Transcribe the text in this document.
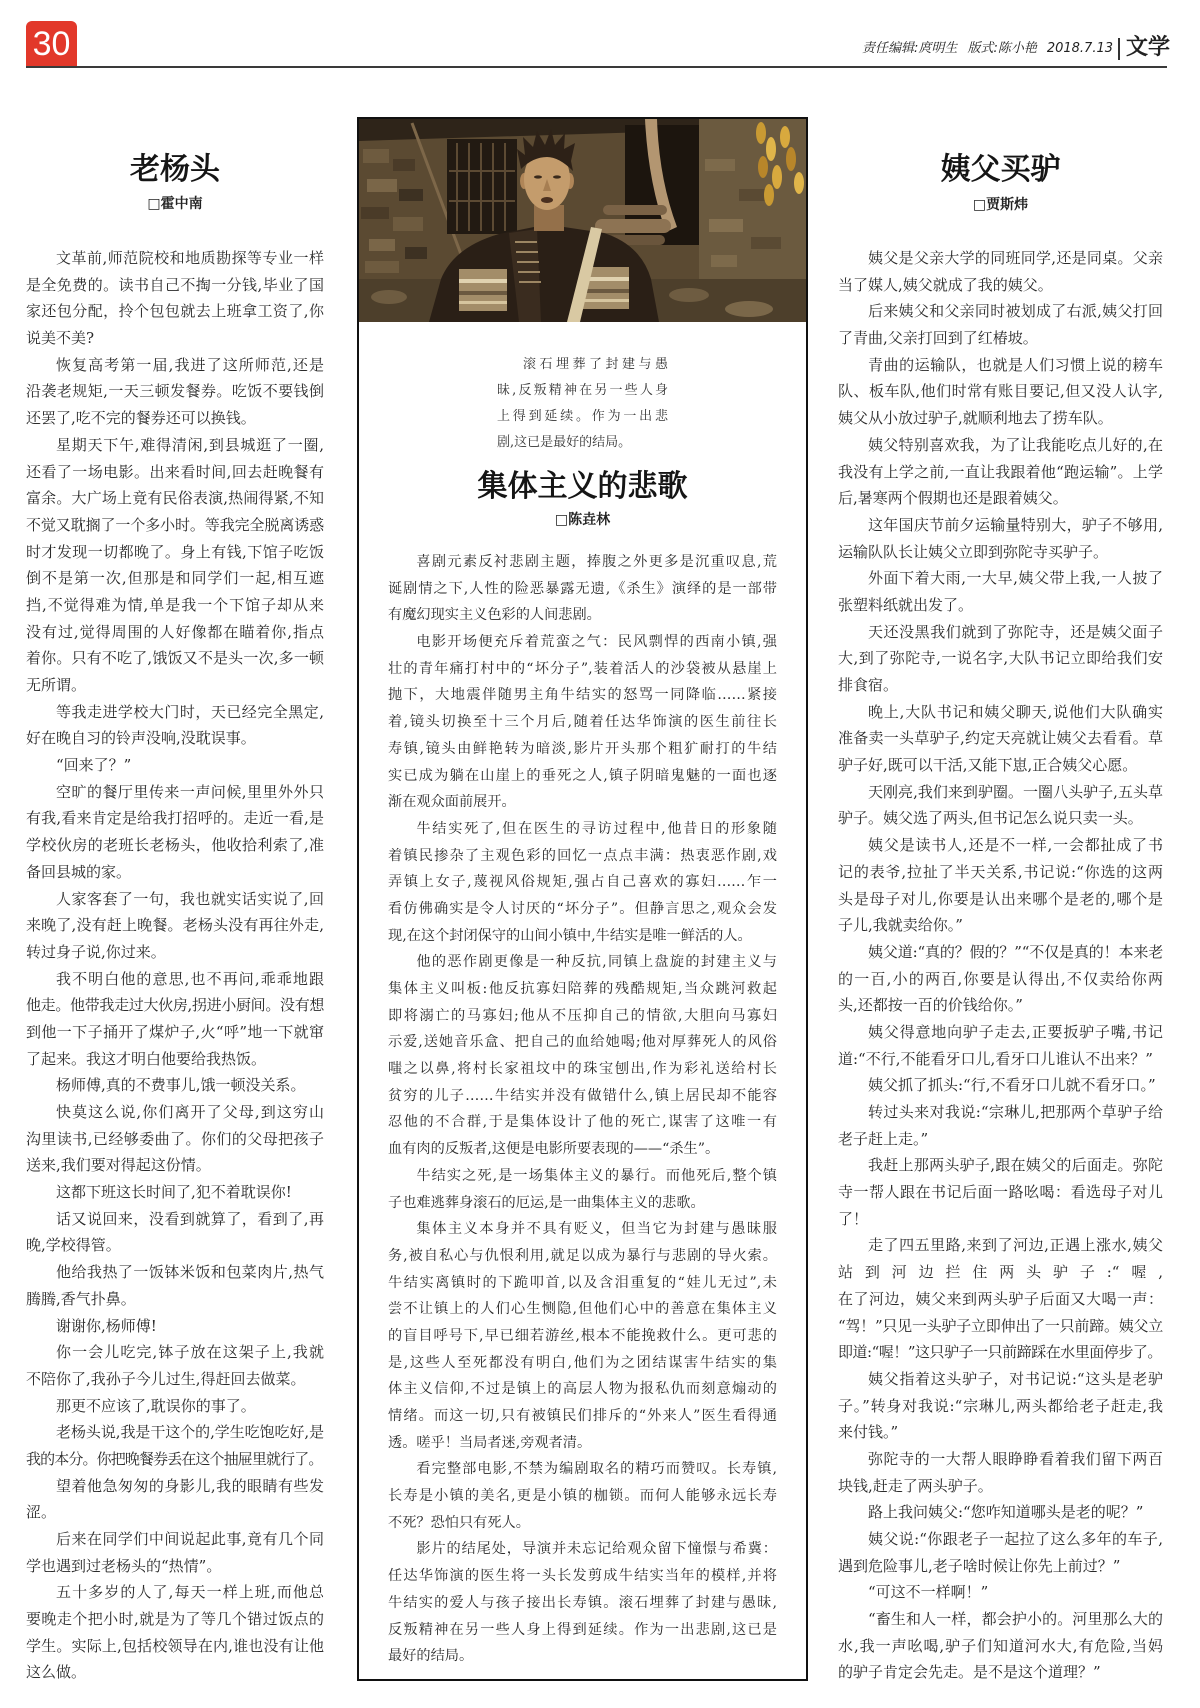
30	责任编辑:庹明生 版式:陈小艳 2018.7.13 文学
老杨头
□霍中南
文革前,师范院校和地质勘探等专业一样
是全免费的。读书自己不掏一分钱,毕业了国
家还包分配，拎个包包就去上班拿工资了,你
说美不美?
恢复高考第一届,我进了这所师范,还是
沿袭老规矩,一天三顿发餐券。吃饭不要钱倒
还罢了,吃不完的餐券还可以换钱。
星期天下午,难得清闲,到县城逛了一圈,
还看了一场电影。出来看时间,回去赶晚餐有
富余。大广场上竟有民俗表演,热闹得紧,不知
不觉又耽搁了一个多小时。等我完全脱离诱惑
时才发现一切都晚了。身上有钱,下馆子吃饭
倒不是第一次,但那是和同学们一起,相互遮
挡,不觉得难为情,单是我一个下馆子却从来
没有过,觉得周围的人好像都在瞄着你,指点
着你。只有不吃了,饿饭又不是头一次,多一顿
无所谓。
等我走进学校大门时，天已经完全黑定,
好在晚自习的铃声没响,没耽误事。
“回来了？”
空旷的餐厅里传来一声问候,里里外外只
有我,看来肯定是给我打招呼的。走近一看,是
学校伙房的老班长老杨头，他收拾利索了,准
备回县城的家。
人家客套了一句，我也就实话实说了,回
来晚了,没有赶上晚餐。老杨头没有再往外走,
转过身子说,你过来。
我不明白他的意思,也不再问,乖乖地跟
他走。他带我走过大伙房,拐进小厨间。没有想
到他一下子捅开了煤炉子,火“呼”地一下就窜
了起来。我这才明白他要给我热饭。
杨师傅,真的不费事儿,饿一顿没关系。
快莫这么说,你们离开了父母,到这穷山
沟里读书,已经够委曲了。你们的父母把孩子
送来,我们要对得起这份情。
这都下班这长时间了,犯不着耽误你!
话又说回来，没看到就算了，看到了,再
晚,学校得管。
他给我热了一饭钵米饭和包菜肉片,热气
腾腾,香气扑鼻。
谢谢你,杨师傅!
你一会儿吃完,钵子放在这架子上,我就
不陪你了,我孙子今儿过生,得赶回去做菜。
那更不应该了,耽误你的事了。
老杨头说,我是干这个的,学生吃饱吃好,是
我的本分。你把晚餐券丢在这个抽屉里就行了。
望着他急匆匆的身影儿,我的眼睛有些发
涩。
后来在同学们中间说起此事,竟有几个同
学也遇到过老杨头的“热情”。
五十多岁的人了,每天一样上班,而他总
要晚走个把小时,就是为了等几个错过饭点的
学生。实际上,包括校领导在内,谁也没有让他
这么做。
滚石埋葬了封建与愚
昧,反叛精神在另一些人身
上得到延续。作为一出悲
剧,这已是最好的结局。
集体主义的悲歌
□陈垚林
喜剧元素反衬悲剧主题，捧腹之外更多是沉重叹息,荒
诞剧情之下,人性的险恶暴露无遗,《杀生》演绎的是一部带
有魔幻现实主义色彩的人间悲剧。
电影开场便充斥着荒蛮之气：民风剽悍的西南小镇,强
壮的青年痛打村中的“坏分子”,装着活人的沙袋被从悬崖上
抛下，大地震伴随男主角牛结实的怒骂一同降临……紧接
着,镜头切换至十三个月后,随着任达华饰演的医生前往长
寿镇,镜头由鲜艳转为暗淡,影片开头那个粗犷耐打的牛结
实已成为躺在山崖上的垂死之人,镇子阴暗鬼魅的一面也逐
渐在观众面前展开。
牛结实死了,但在医生的寻访过程中,他昔日的形象随
着镇民掺杂了主观色彩的回忆一点点丰满：热衷恶作剧,戏
弄镇上女子,蔑视风俗规矩,强占自己喜欢的寡妇……乍一
看仿佛确实是令人讨厌的“坏分子”。但静言思之,观众会发
现,在这个封闭保守的山间小镇中,牛结实是唯一鲜活的人。
他的恶作剧更像是一种反抗,同镇上盘旋的封建主义与
集体主义叫板:他反抗寡妇陪葬的残酷规矩,当众跳河救起
即将溺亡的马寡妇;他从不压抑自己的情欲,大胆向马寡妇
示爱,送她音乐盒、把自己的血给她喝;他对厚葬死人的风俗
嗤之以鼻,将村长家祖坟中的珠宝刨出,作为彩礼送给村长
贫穷的儿子……牛结实并没有做错什么,镇上居民却不能容
忍他的不合群,于是集体设计了他的死亡,谋害了这唯一有
血有肉的反叛者,这便是电影所要表现的——“杀生”。
牛结实之死,是一场集体主义的暴行。而他死后,整个镇
子也难逃葬身滚石的厄运,是一曲集体主义的悲歌。
集体主义本身并不具有贬义，但当它为封建与愚昧服
务,被自私心与仇恨利用,就足以成为暴行与悲剧的导火索。
牛结实离镇时的下跪叩首,以及含泪重复的“娃儿无过”,未
尝不让镇上的人们心生恻隐,但他们心中的善意在集体主义
的盲目呼号下,早已细若游丝,根本不能挽救什么。更可悲的
是,这些人至死都没有明白,他们为之团结谋害牛结实的集
体主义信仰,不过是镇上的高层人物为报私仇而刻意煽动的
情绪。而这一切,只有被镇民们排斥的“外来人”医生看得通
透。嗟乎！当局者迷,旁观者清。
看完整部电影,不禁为编剧取名的精巧而赞叹。长寿镇,
长寿是小镇的美名,更是小镇的枷锁。而何人能够永远长寿
不死？恐怕只有死人。
影片的结尾处，导演并未忘记给观众留下憧憬与希冀：
任达华饰演的医生将一头长发剪成牛结实当年的模样,并将
牛结实的爱人与孩子接出长寿镇。滚石埋葬了封建与愚昧,
反叛精神在另一些人身上得到延续。作为一出悲剧,这已是
最好的结局。
姨父买驴
□贾斯炜
姨父是父亲大学的同班同学,还是同桌。父亲
当了媒人,姨父就成了我的姨父。
后来姨父和父亲同时被划成了右派,姨父打回
了青曲,父亲打回到了红椿坡。
青曲的运输队，也就是人们习惯上说的耪车
队、板车队,他们时常有账目要记,但又没人认字,
姨父从小放过驴子,就顺利地去了捞车队。
姨父特别喜欢我，为了让我能吃点儿好的,在
我没有上学之前,一直让我跟着他“跑运输”。上学
后,暑寒两个假期也还是跟着姨父。
这年国庆节前夕运输量特别大，驴子不够用,
运输队队长让姨父立即到弥陀寺买驴子。
外面下着大雨,一大早,姨父带上我,一人披了
张塑料纸就出发了。
天还没黑我们就到了弥陀寺，还是姨父面子
大,到了弥陀寺,一说名字,大队书记立即给我们安
排食宿。
晚上,大队书记和姨父聊天,说他们大队确实
准备卖一头草驴子,约定天亮就让姨父去看看。草
驴子好,既可以干活,又能下崽,正合姨父心愿。
天刚亮,我们来到驴圈。一圈八头驴子,五头草
驴子。姨父选了两头,但书记怎么说只卖一头。
姨父是读书人,还是不一样,一会都扯成了书
记的表爷,拉扯了半天关系,书记说:“你选的这两
头是母子对儿,你要是认出来哪个是老的,哪个是
子儿,我就卖给你。”
姨父道:“真的？假的？”“不仅是真的！本来老
的一百,小的两百,你要是认得出,不仅卖给你两
头,还都按一百的价钱给你。”
姨父得意地向驴子走去,正要扳驴子嘴,书记
道:“不行,不能看牙口儿,看牙口儿谁认不出来？”
姨父抓了抓头:“行,不看牙口儿就不看牙口。”
转过头来对我说:“宗琳儿,把那两个草驴子给
老子赶上走。”
我赶上那两头驴子,跟在姨父的后面走。弥陀
寺一帮人跟在书记后面一路吆喝：看选母子对儿
了！
走了四五里路,来到了河边,正遇上涨水,姨父
站到河边拦住两头驴子:“喔,
在了河边，姨父来到两头驴子后面又大喝一声：
“驾！”只见一头驴子立即伸出了一只前蹄。姨父立
即道:“喔！”这只驴子一只前蹄踩在水里面停步了。
姨父指着这头驴子，对书记说:“这头是老驴
子。”转身对我说:“宗琳儿,两头都给老子赶走,我
来付钱。”
弥陀寺的一大帮人眼睁睁看着我们留下两百
块钱,赶走了两头驴子。
路上我问姨父:“您咋知道哪头是老的呢？”
姨父说:“你跟老子一起拉了这么多年的车子,
遇到危险事儿,老子啥时候让你先上前过？”
“可这不一样啊！”
“畜生和人一样，都会护小的。河里那么大的
水,我一声吆喝,驴子们知道河水大,有危险,当妈
的驴子肯定会先走。是不是这个道理？”
